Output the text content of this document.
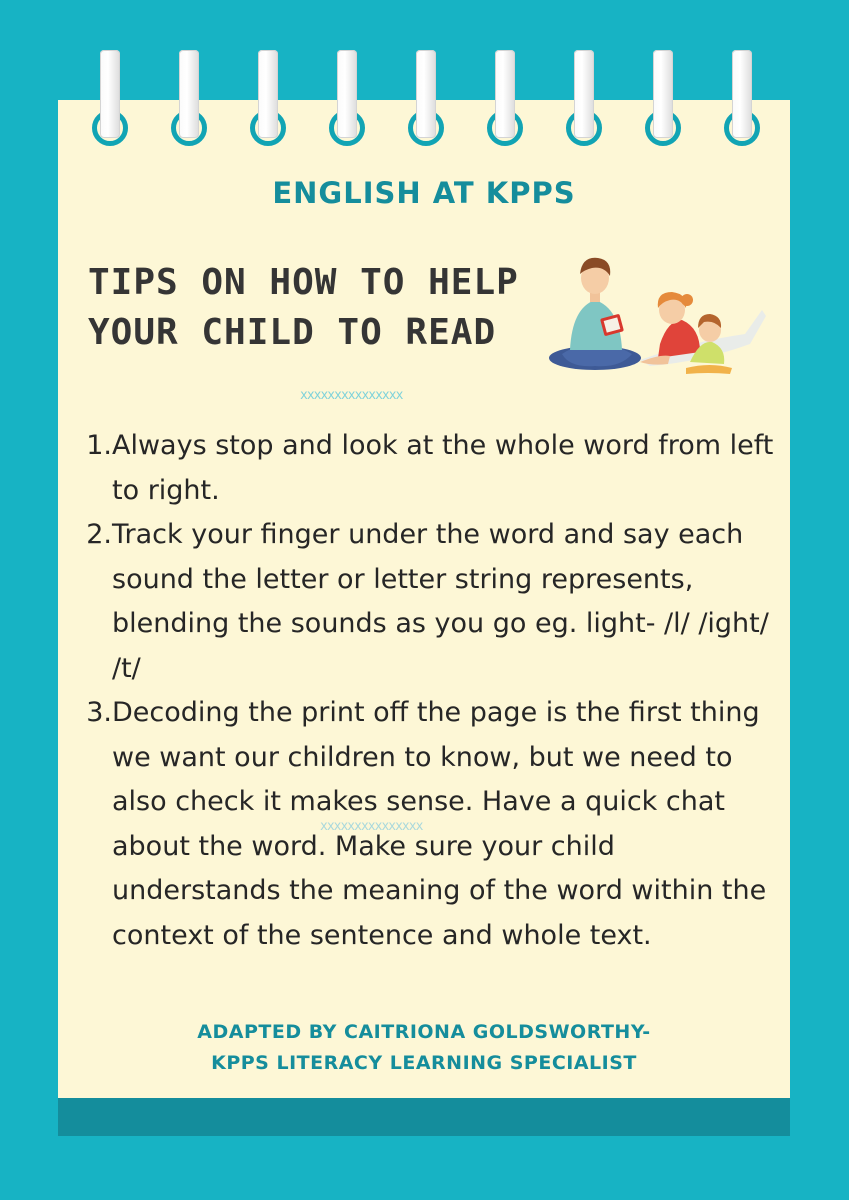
ENGLISH AT KPPS
TIPS ON HOW TO HELP
YOUR CHILD TO READ
xxxxxxxxxxxxxxx
1. Always stop and look at the whole word from left to right.
2. Track your finger under the word and say each sound the letter or letter string represents, blending the sounds as you go eg. light- /l/ /ight/ /t/
3. Decoding the print off the page is the first thing we want our children to know, but we need to also check it makes sense. Have a quick chat about the word. Make sure your child understands the meaning of the word within the context of the sentence and whole text.
xxxxxxxxxxxxxxx
ADAPTED BY CAITRIONA GOLDSWORTHY-
KPPS LITERACY LEARNING SPECIALIST
